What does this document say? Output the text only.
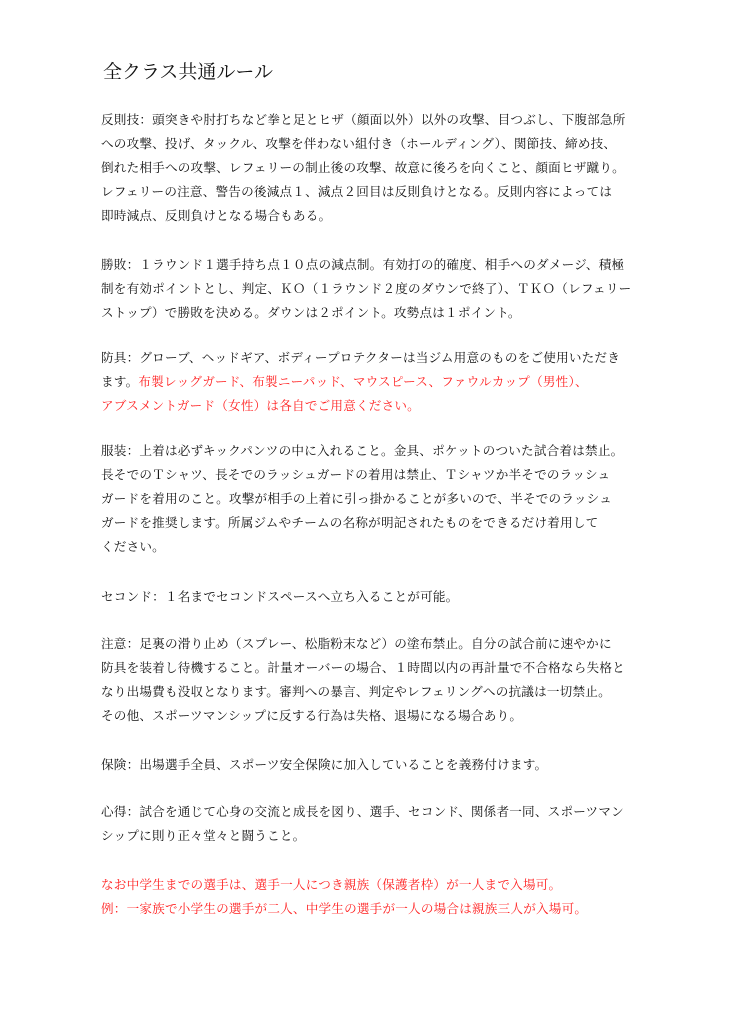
全クラス共通ルール
反則技：頭突きや肘打ちなど拳と足とヒザ（顔面以外）以外の攻撃、目つぶし、下腹部急所
への攻撃、投げ、タックル、攻撃を伴わない組付き（ホールディング）、関節技、締め技、
倒れた相手への攻撃、レフェリーの制止後の攻撃、故意に後ろを向くこと、顔面ヒザ蹴り。
レフェリーの注意、警告の後減点１、減点２回目は反則負けとなる。反則内容によっては
即時減点、反則負けとなる場合もある。
勝敗：１ラウンド１選手持ち点１０点の減点制。有効打の的確度、相手へのダメージ、積極
制を有効ポイントとし、判定、ＫＯ（１ラウンド２度のダウンで終了）、ＴＫＯ（レフェリー
ストップ）で勝敗を決める。ダウンは２ポイント。攻勢点は１ポイント。
防具：グローブ、ヘッドギア、ボディープロテクターは当ジム用意のものをご使用いただき
ます。布製レッグガード、布製ニーパッド、マウスピース、ファウルカップ（男性）、
アブスメントガード（女性）は各自でご用意ください。
服装：上着は必ずキックパンツの中に入れること。金具、ポケットのついた試合着は禁止。
長そでのＴシャツ、長そでのラッシュガードの着用は禁止、Ｔシャツか半そでのラッシュ
ガードを着用のこと。攻撃が相手の上着に引っ掛かることが多いので、半そでのラッシュ
ガードを推奨します。所属ジムやチームの名称が明記されたものをできるだけ着用して
ください。
セコンド：１名までセコンドスペースへ立ち入ることが可能。
注意：足裏の滑り止め（スプレー、松脂粉末など）の塗布禁止。自分の試合前に速やかに
防具を装着し待機すること。計量オーバーの場合、１時間以内の再計量で不合格なら失格と
なり出場費も没収となります。審判への暴言、判定やレフェリングへの抗議は一切禁止。
その他、スポーツマンシップに反する行為は失格、退場になる場合あり。
保険：出場選手全員、スポーツ安全保険に加入していることを義務付けます。
心得：試合を通じて心身の交流と成長を図り、選手、セコンド、関係者一同、スポーツマン
シップに則り正々堂々と闘うこと。
なお中学生までの選手は、選手一人につき親族（保護者枠）が一人まで入場可。
例：一家族で小学生の選手が二人、中学生の選手が一人の場合は親族三人が入場可。
